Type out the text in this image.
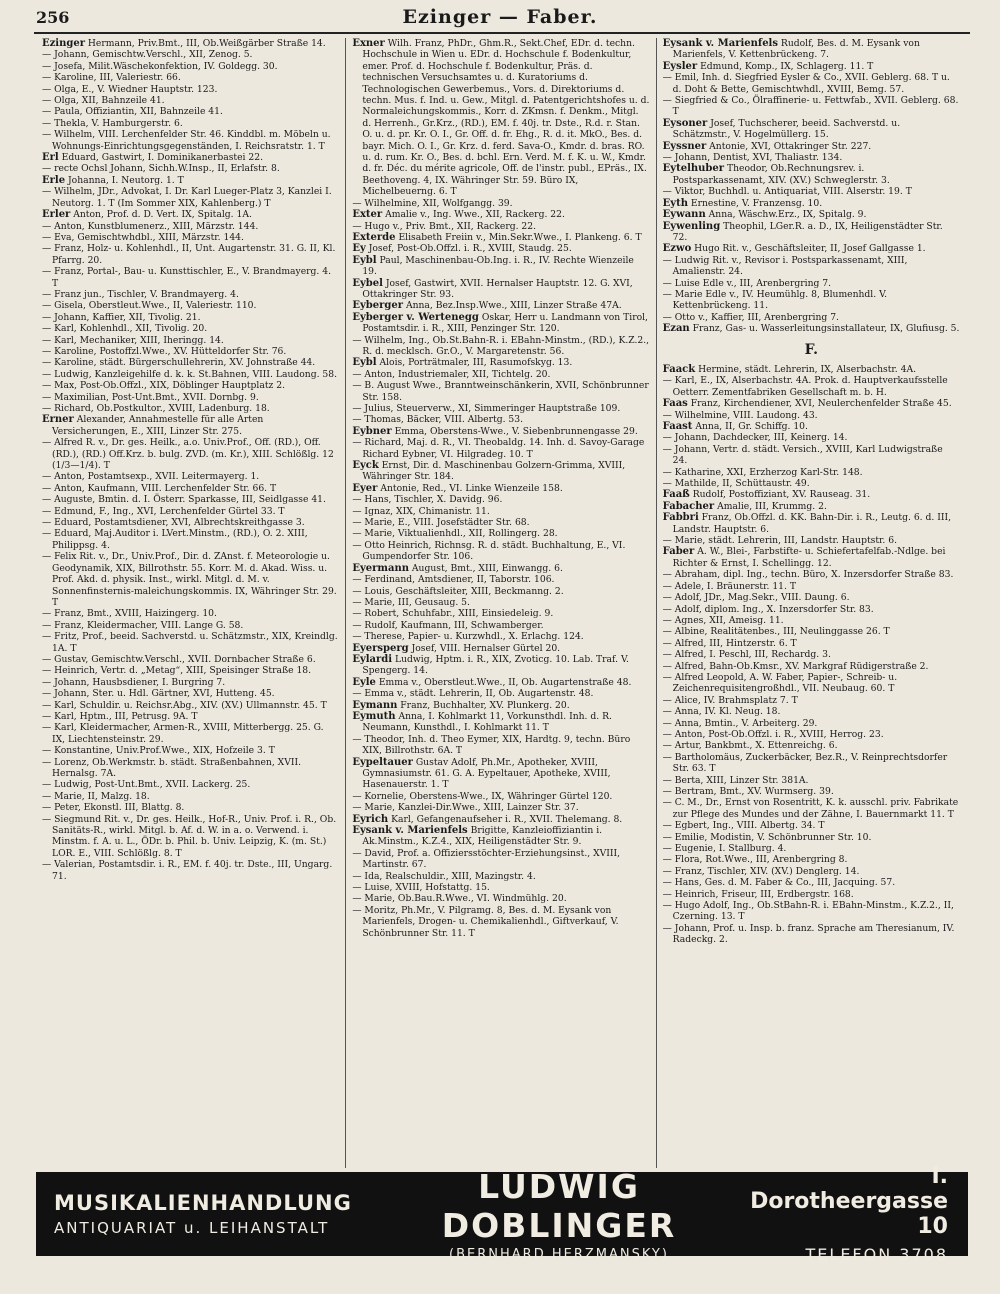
256	Ezinger — Faber.
Ezinger Hermann, Priv.Bmt., III, Ob.Weißgärber Straße 14.
— Johann, Gemischtw.Verschl., XII, Zenog. 5.
— Josefa, Milit.Wäschekonfektion, IV. Goldegg. 30.
— Karoline, III, Valeriestr. 66.
— Olga, E., V. Wiedner Hauptstr. 123.
— Olga, XII, Bahnzeile 41.
— Paula, Offiziantin, XII, Bahnzeile 41.
— Thekla, V. Hamburgerstr. 6.
— Wilhelm, VIII. Lerchenfelder Str. 46. Kinddbl. m. Möbeln u. Wohnungs-Einrichtungsgegenständen, I. Reichsratstr. 1. T
Erl Eduard, Gastwirt, I. Dominikanerbastei 22.
— recte Ochsl Johann, Sichh.W.Insp., II, Erlafstr. 8.
Erle Johanna, I. Neutorg. 1. T
— Wilhelm, JDr., Advokat, I. Dr. Karl Lueger-Platz 3, Kanzlei I. Neutorg. 1. T (Im Sommer XIX, Kahlenberg.) T
Erler Anton, Prof. d. D. Vert. IX, Spitalg. 1A.
— Anton, Kunstblumenerz., XIII, Märzstr. 144.
— Eva, Gemischtwhdbl., XIII, Märzstr. 144.
— Franz, Holz- u. Kohlenhdl., II, Unt. Augartenstr. 31. G. II, Kl. Pfarrg. 20.
— Franz, Portal-, Bau- u. Kunsttischler, E., V. Brandmayerg. 4. T
— Franz jun., Tischler, V. Brandmayerg. 4.
— Gisela, Oberstleut.Wwe., II, Valeriestr. 110.
— Johann, Kaffier, XII, Tivolig. 21.
— Karl, Kohlenhdl., XII, Tivolig. 20.
— Karl, Mechaniker, XIII, Iheringg. 14.
— Karoline, Postoffzl.Wwe., XV. Hütteldorfer Str. 76.
— Karoline, städt. Bürgerschullehrerin, XV. Johnstraße 44.
— Ludwig, Kanzleigehilfe d. k. k. St.Bahnen, VIII. Laudong. 58.
— Max, Post-Ob.Offzl., XIX, Döblinger Hauptplatz 2.
— Maximilian, Post-Unt.Bmt., XVII. Dornbg. 9.
— Richard, Ob.Postkultor., XVIII, Ladenburg. 18.
Erner Alexander, Annahmestelle für alle Arten Versicherungen, E., XIII, Linzer Str. 275.
— Alfred R. v., Dr. ges. Heilk., a.o. Univ.Prof., Off. (RD.), Off. (RD.), (RD.) Off.Krz. b. bulg. ZVD. (m. Kr.), XIII. Schlößlg. 12 (1/3—1/4). T
— Anton, Postamtsexp., XVII. Leitermayerg. 1.
— Anton, Kaufmann, VIII. Lerchenfelder Str. 66. T
— Auguste, Bmtin. d. I. Österr. Sparkasse, III, Seidlgasse 41.
— Edmund, F., Ing., XVI, Lerchenfelder Gürtel 33. T
— Eduard, Postamtsdiener, XVI, Albrechtskreithgasse 3.
— Eduard, Maj.Auditor i. LVert.Minstm., (RD.), O. 2. XIII, Philippsg. 4.
— Felix Rit. v., Dr., Univ.Prof., Dir. d. ZAnst. f. Meteorologie u. Geodynamik, XIX, Billrothstr. 55. Korr. M. d. Akad. Wiss. u. Prof. Akd. d. physik. Inst., wirkl. Mitgl. d. M. v. Sonnenfinsternis-maleichungskommis. IX, Währinger Str. 29. T
— Franz, Bmt., XVIII, Haizingerg. 10.
— Franz, Kleidermacher, VIII. Lange G. 58.
— Fritz, Prof., beeid. Sachverstd. u. Schätzmstr., XIX, Kreindlg. 1A. T
— Gustav, Gemischtw.Verschl., XVII. Dornbacher Straße 6.
— Heinrich, Vertr. d. „Metag“, XIII, Speisinger Straße 18.
— Johann, Hausbsdiener, I. Burgring 7.
— Johann, Ster. u. Hdl. Gärtner, XVI, Hutteng. 45.
— Karl, Schuldir. u. Reichsr.Abg., XIV. (XV.) Ullmannstr. 45. T
— Karl, Hptm., III, Petrusg. 9A. T
— Karl, Kleidermacher, Armen-R., XVIII, Mitterbergg. 25. G. IX, Liechtensteinstr. 29.
— Konstantine, Univ.Prof.Wwe., XIX, Hofzeile 3. T
— Lorenz, Ob.Werkmstr. b. städt. Straßenbahnen, XVII. Hernalsg. 7A.
— Ludwig, Post-Unt.Bmt., XVII. Lackerg. 25.
— Marie, II, Malzg. 18.
— Peter, Ekonstl. III, Blattg. 8.
— Siegmund Rit. v., Dr. ges. Heilk., Hof-R., Univ. Prof. i. R., Ob. Sanitäts-R., wirkl. Mitgl. b. Af. d. W. in a. o. Verwend. i. Minstm. f. A. u. L., ÖDr. b. Phil. b. Univ. Leipzig, K. (m. St.) LOR. E., VIII. Schlößlg. 8. T
— Valerian, Postamtsdir. i. R., EM. f. 40j. tr. Dste., III, Ungarg. 71.
Exner Wilh. Franz, PhDr., Ghm.R., Sekt.Chef, EDr. d. techn. Hochschule in Wien u. EDr. d. Hochschule f. Bodenkultur, emer. Prof. d. Hochschule f. Bodenkultur, Präs. d. technischen Versuchsamtes u. d. Kuratoriums d. Technologischen Gewerbemus., Vors. d. Direktoriums d. techn. Mus. f. Ind. u. Gew., Mitgl. d. Patentgerichtshofes u. d. Normaleichungskommis., Korr. d. ZKmsn. f. Denkm., Mitgl. d. Herrenh., Gr.Krz., (RD.), EM. f. 40j. tr. Dste., R.d. r. Stan. O. u. d. pr. Kr. O. I., Gr. Off. d. fr. Ehg., R. d. it. MkO., Bes. d. bayr. Mich. O. I., Gr. Krz. d. ferd. Sava-O., Kmdr. d. bras. RO. u. d. rum. Kr. O., Bes. d. bchl. Ern. Verd. M. f. K. u. W., Kmdr. d. fr. Déc. du mérite agricole, Off. de l'instr. publ., EPräs., IX. Beethoveng. 4, IX. Währinger Str. 59. Büro IX, Michelbeuerng. 6. T
— Wilhelmine, XII, Wolfgangg. 39.
Exter Amalie v., Ing. Wwe., XII, Rackerg. 22.
— Hugo v., Priv. Bmt., XII, Rackerg. 22.
Exterde Elisabeth Freiin v., Min.Sekr.Wwe., I. Plankeng. 6. T
Ey Josef, Post-Ob.Offzl. i. R., XVIII, Staudg. 25.
Eybl Paul, Maschinenbau-Ob.Ing. i. R., IV. Rechte Wienzeile 19.
Eybel Josef, Gastwirt, XVII. Hernalser Hauptstr. 12. G. XVI, Ottakringer Str. 93.
Eyberger Anna, Bez.Insp.Wwe., XIII, Linzer Straße 47A.
Eyberger v. Wertenegg Oskar, Herr u. Landmann von Tirol, Postamtsdir. i. R., XIII, Penzinger Str. 120.
— Wilhelm, Ing., Ob.St.Bahn-R. i. EBahn-Minstm., (RD.), K.Z.2., R. d. mecklsch. Gr.O., V. Margaretenstr. 56.
Eybl Alois, Porträtmaler, III, Rasumofskyg. 13.
— Anton, Industriemaler, XII, Tichtelg. 20.
— B. August Wwe., Branntweinschänkerin, XVII, Schönbrunner Str. 158.
— Julius, Steuerverw., XI, Simmeringer Hauptstraße 109.
— Thomas, Bäcker, VIII. Albertg. 53.
Eybner Emma, Oberstens-Wwe., V. Siebenbrunnengasse 29.
— Richard, Maj. d. R., VI. Theobaldg. 14. Inh. d. Savoy-Garage Richard Eybner, VI. Hilgradeg. 10. T
Eyck Ernst, Dir. d. Maschinenbau Golzern-Grimma, XVIII, Währinger Str. 184.
Eyer Antonie, Red., VI. Linke Wienzeile 158.
— Hans, Tischler, X. Davidg. 96.
— Ignaz, XIX, Chimanistr. 11.
— Marie, E., VIII. Josefstädter Str. 68.
— Marie, Viktualienhdl., XII, Rollingerg. 28.
— Otto Heinrich, Richnsg. R. d. städt. Buchhaltung, E., VI. Gumpendorfer Str. 106.
Eyermann August, Bmt., XIII, Einwangg. 6.
— Ferdinand, Amtsdiener, II, Taborstr. 106.
— Louis, Geschäftsleiter, XIII, Beckmanng. 2.
— Marie, III, Geusaug. 5.
— Robert, Schuhfabr., XIII, Einsiedeleig. 9.
— Rudolf, Kaufmann, III, Schwamberger.
— Therese, Papier- u. Kurzwhdl., X. Erlachg. 124.
Eyersperg Josef, VIII. Hernalser Gürtel 20.
Eylardi Ludwig, Hptm. i. R., XIX, Zvoticg. 10. Lab. Traf. V. Spengerg. 14.
Eyle Emma v., Oberstleut.Wwe., II, Ob. Augartenstraße 48.
— Emma v., städt. Lehrerin, II, Ob. Augartenstr. 48.
Eymann Franz, Buchhalter, XV. Plunkerg. 20.
Eymuth Anna, I. Kohlmarkt 11, Vorkunsthdl. Inh. d. R. Neumann, Kunsthdl., I. Kohlmarkt 11. T
— Theodor, Inh. d. Theo Eymer, XIX, Hardtg. 9, techn. Büro XIX, Billrothstr. 6A. T
Eypeltauer Gustav Adolf, Ph.Mr., Apotheker, XVIII, Gymnasiumstr. 61. G. A. Eypeltauer, Apotheke, XVIII, Hasenauerstr. 1. T
— Kornelie, Oberstens-Wwe., IX, Währinger Gürtel 120.
— Marie, Kanzlei-Dir.Wwe., XIII, Lainzer Str. 37.
Eyrich Karl, Gefangenaufseher i. R., XVII. Thelemang. 8.
Eysank v. Marienfels Brigitte, Kanzleioffiziantin i. Ak.Minstm., K.Z.4., XIX, Heiligenstädter Str. 9.
— David, Prof. a. Offiziersstöchter-Erziehungsinst., XVIII, Martinstr. 67.
— Ida, Realschuldir., XIII, Mazingstr. 4.
— Luise, XVIII, Hofstattg. 15.
— Marie, Ob.Bau.R.Wwe., VI. Windmühlg. 20.
— Moritz, Ph.Mr., V. Pilgramg. 8, Bes. d. M. Eysank von Marienfels, Drogen- u. Chemikalienhdl., Giftverkauf, V. Schönbrunner Str. 11. T
Eysank v. Marienfels Rudolf, Bes. d. M. Eysank von Marienfels, V. Kettenbrückeng. 7.
Eysler Edmund, Komp., IX, Schlagerg. 11. T
— Emil, Inh. d. Siegfried Eysler & Co., XVII. Geblerg. 68. T u. d. Doht & Bette, Gemischtwhdl., XVIII, Bemg. 57.
— Siegfried & Co., Ölraffinerie- u. Fettwfab., XVII. Geblerg. 68. T
Eysoner Josef, Tuchscherer, beeid. Sachverstd. u. Schätzmstr., V. Hogelmüllerg. 15.
Eyssner Antonie, XVI, Ottakringer Str. 227.
— Johann, Dentist, XVI, Thaliastr. 134.
Eytelhuber Theodor, Ob.Rechnungsrev. i. Postsparkassenamt, XIV. (XV.) Schweglerstr. 3.
— Viktor, Buchhdl. u. Antiquariat, VIII. Alserstr. 19. T
Eyth Ernestine, V. Franzensg. 10.
Eywann Anna, Wäschw.Erz., IX, Spitalg. 9.
Eywenling Theophil, LGer.R. a. D., IX, Heiligenstädter Str. 72.
Ezwo Hugo Rit. v., Geschäftsleiter, II, Josef Gallgasse 1.
— Ludwig Rit. v., Revisor i. Postsparkassenamt, XIII, Amalienstr. 24.
— Luise Edle v., III, Arenbergring 7.
— Marie Edle v., IV. Heumühlg. 8, Blumenhdl. V. Kettenbrückeng. 11.
— Otto v., Kaffier, III, Arenbergring 7.
Ezan Franz, Gas- u. Wasserleitungsinstallateur, IX, Glufiusg. 5.
F.
Faack Hermine, städt. Lehrerin, IX, Alserbachstr. 4A.
— Karl, E., IX, Alserbachstr. 4A. Prok. d. Hauptverkaufsstelle Oetterr. Zementfabriken Gesellschaft m. b. H.
Faas Franz, Kirchendiener, XVI, Neulerchenfelder Straße 45.
— Wilhelmine, VIII. Laudong. 43.
Faast Anna, II, Gr. Schiffg. 10.
— Johann, Dachdecker, III, Keinerg. 14.
— Johann, Vertr. d. städt. Versich., XVIII, Karl Ludwigstraße 24.
— Katharine, XXI, Erzherzog Karl-Str. 148.
— Mathilde, II, Schüttaustr. 49.
Faaß Rudolf, Postoffiziant, XV. Rauseag. 31.
Fabacher Amalie, III, Krummg. 2.
Fabbri Franz, Ob.Offzl. d. KK. Bahn-Dir. i. R., Leutg. 6. d. III, Landstr. Hauptstr. 6.
— Marie, städt. Lehrerin, III, Landstr. Hauptstr. 6.
Faber A. W., Blei-, Farbstifte- u. Schiefertafelfab.-Ndlge. bei Richter & Ernst, I. Schellingg. 12.
— Abraham, dipl. Ing., techn. Büro, X. Inzersdorfer Straße 83.
— Adele, I. Bräunerstr. 11. T
— Adolf, JDr., Mag.Sekr., VIII. Daung. 6.
— Adolf, diplom. Ing., X. Inzersdorfer Str. 83.
— Agnes, XII, Ameisg. 11.
— Albine, Realitätenbes., III, Neulinggasse 26. T
— Alfred, III, Hintzerstr. 6. T
— Alfred, I. Peschl, III, Rechardg. 3.
— Alfred, Bahn-Ob.Kmsr., XV. Markgraf Rüdigerstraße 2.
— Alfred Leopold, A. W. Faber, Papier-, Schreib- u. Zeichenrequisitengroßhdl., VII. Neubaug. 60. T
— Alice, IV. Brahmsplatz 7. T
— Anna, IV. Kl. Neug. 18.
— Anna, Bmtin., V. Arbeiterg. 29.
— Anton, Post-Ob.Offzl. i. R., XVIII, Herrog. 23.
— Artur, Bankbmt., X. Ettenreichg. 6.
— Bartholomäus, Zuckerbäcker, Bez.R., V. Reinprechtsdorfer Str. 63. T
— Berta, XIII, Linzer Str. 381A.
— Bertram, Bmt., XV. Wurmserg. 39.
— C. M., Dr., Ernst von Rosentritt, K. k. ausschl. priv. Fabrikate zur Pflege des Mundes und der Zähne, I. Bauernmarkt 11. T
— Egbert, Ing., VIII. Albertg. 34. T
— Emilie, Modistin, V. Schönbrunner Str. 10.
— Eugenie, I. Stallburg. 4.
— Flora, Rot.Wwe., III, Arenbergring 8.
— Franz, Tischler, XIV. (XV.) Denglerg. 14.
— Hans, Ges. d. M. Faber & Co., III, Jacquing. 57.
— Heinrich, Friseur, III, Erdbergstr. 168.
— Hugo Adolf, Ing., Ob.StBahn-R. i. EBahn-Minstm., K.Z.2., II, Czerning. 13. T
— Johann, Prof. u. Insp. b. franz. Sprache am Theresianum, IV. Radeckg. 2.
MUSIKALIENHANDLUNG
ANTIQUARIAT u. LEIHANSTALT
LUDWIG DOBLINGER
(BERNHARD HERZMANSKY)
I. Dorotheergasse 10
TELEFON 3708
